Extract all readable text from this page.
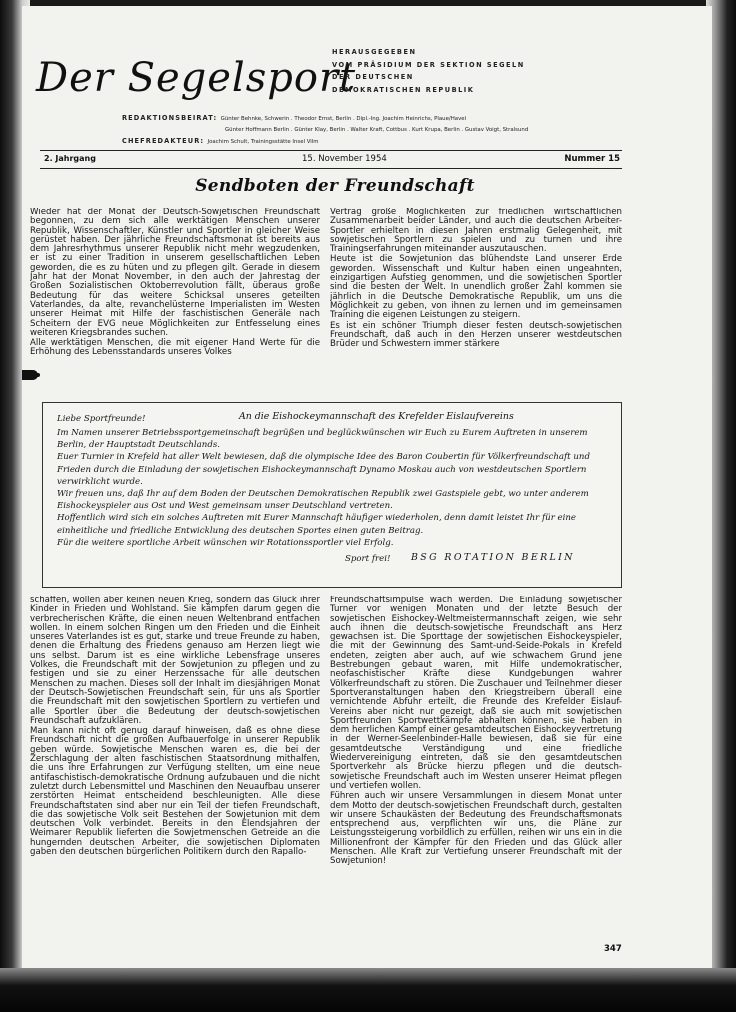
Der Segelsport
HERAUSGEGEBEN
VOM PRÄSIDIUM DER SEKTION SEGELN
DER DEUTSCHEN
DEMOKRATISCHEN REPUBLIK
REDAKTIONSBEIRAT: Günter Behnke, Schwerin . Theodor Ernst, Berlin . Dipl.-Ing. Joachim Heinrichs, Plaue/Havel
Günter Hoffmann Berlin . Günter Klay, Berlin . Walter Kraft, Cottbus . Kurt Krupa, Berlin . Gustav Voigt, Stralsund
CHEFREDAKTEUR: Joachim Schult, Trainingsstätte Insel Vilm
2. Jahrgang	15. November 1954	Nummer 15
Sendboten der Freundschaft

Wieder hat der Monat der Deutsch-Sowjetischen Freundschaft begonnen, zu dem sich alle werktätigen Menschen unserer Republik, Wissenschaftler, Künstler und Sportler in gleicher Weise gerüstet haben. Der jährliche Freundschaftsmonat ist bereits aus dem Jahresrhythmus unserer Republik nicht mehr wegzudenken, er ist zu einer Tradition in unserem gesellschaftlichen Leben geworden, die es zu hüten und zu pflegen gilt. Gerade in diesem Jahr hat der Monat November, in den auch der Jahrestag der Großen Sozialistischen Oktoberrevolution fällt, überaus große Bedeutung für das weitere Schicksal unseres geteilten Vaterlandes, da alte, revanchelüsterne Imperialisten im Westen unserer Heimat mit Hilfe der faschistischen Generäle nach Scheitern der EVG neue Möglichkeiten zur Entfesselung eines weiteren Kriegsbrandes suchen.

Alle werktätigen Menschen, die mit eigener Hand Werte für die Erhöhung des Lebensstandards unseres Volkes

Vertrag große Möglichkeiten zur friedlichen wirtschaftlichen Zusammenarbeit beider Länder, und auch die deutschen Arbeiter-Sportler erhielten in diesen Jahren erstmalig Gelegenheit, mit sowjetischen Sportlern zu spielen und zu turnen und ihre Trainingserfahrungen miteinander auszutauschen.

Heute ist die Sowjetunion das blühendste Land unserer Erde geworden. Wissenschaft und Kultur haben einen ungeahnten, einzigartigen Aufstieg genommen, und die sowjetischen Sportler sind die besten der Welt. In unendlich großer Zahl kommen sie jährlich in die Deutsche Demokratische Republik, um uns die Möglichkeit zu geben, von ihnen zu lernen und im gemeinsamen Training die eigenen Leistungen zu steigern.

Es ist ein schöner Triumph dieser festen deutsch-sowjetischen Freundschaft, daß auch in den Herzen unserer westdeutschen Brüder und Schwestern immer stärkere

Liebe Sportfreunde!	An die Eishockeymannschaft des Krefelder Eislaufvereins

Im Namen unserer Betriebssportgemeinschaft begrüßen und beglückwünschen wir Euch zu Eurem Auftreten in unserem Berlin, der Hauptstadt Deutschlands.

Euer Turnier in Krefeld hat aller Welt bewiesen, daß die olympische Idee des Baron Coubertin für Völkerfreundschaft und Frieden durch die Einladung der sowjetischen Eishockeymannschaft Dynamo Moskau auch von westdeutschen Sportlern verwirklicht wurde.

Wir freuen uns, daß Ihr auf dem Boden der Deutschen Demokratischen Republik zwei Gastspiele gebt, wo unter anderem Eishockeyspieler aus Ost und West gemeinsam unser Deutschland vertreten.

Hoffentlich wird sich ein solches Auftreten mit Eurer Mannschaft häufiger wiederholen, denn damit leistet Ihr für eine einheitliche und friedliche Entwicklung des deutschen Sportes einen guten Beitrag.

Für die weitere sportliche Arbeit wünschen wir Rotationssportler viel Erfolg.

Sport frei! BSG ROTATION BERLIN

schaffen, wollen aber keinen neuen Krieg, sondern das Glück ihrer Kinder in Frieden und Wohlstand. Sie kämpfen darum gegen die verbrecherischen Kräfte, die einen neuen Weltenbrand entfachen wollen. In einem solchen Ringen um den Frieden und die Einheit unseres Vaterlandes ist es gut, starke und treue Freunde zu haben, denen die Erhaltung des Friedens genauso am Herzen liegt wie uns selbst. Darum ist es eine wirkliche Lebensfrage unseres Volkes, die Freundschaft mit der Sowjetunion zu pflegen und zu festigen und sie zu einer Herzenssache für alle deutschen Menschen zu machen. Dieses soll der Inhalt im diesjährigen Monat der Deutsch-Sowjetischen Freundschaft sein, für uns als Sportler die Freundschaft mit den sowjetischen Sportlern zu vertiefen und alle Sportler über die Bedeutung der deutsch-sowjetischen Freundschaft aufzuklären.

Man kann nicht oft genug darauf hinweisen, daß es ohne diese Freundschaft nicht die großen Aufbauerfolge in unserer Republik geben würde. Sowjetische Menschen waren es, die bei der Zerschlagung der alten faschistischen Staatsordnung mithalfen, die uns ihre Erfahrungen zur Verfügung stellten, um eine neue antifaschistisch-demokratische Ordnung aufzubauen und die nicht zuletzt durch Lebensmittel und Maschinen den Neuaufbau unserer zerstörten Heimat entscheidend beschleunigten. Alle diese Freundschaftstaten sind aber nur ein Teil der tiefen Freundschaft, die das sowjetische Volk seit Bestehen der Sowjetunion mit dem deutschen Volk verbindet. Bereits in den Elendsjahren der Weimarer Republik lieferten die Sowjetmenschen Getreide an die hungernden deutschen Arbeiter, die sowjetischen Diplomaten gaben den deutschen bürgerlichen Politikern durch den Rapallo-

Freundschaftsimpulse wach werden. Die Einladung sowjetischer Turner vor wenigen Monaten und der letzte Besuch der sowjetischen Eishockey-Weltmeistermannschaft zeigen, wie sehr auch ihnen die deutsch-sowjetische Freundschaft ans Herz gewachsen ist. Die Sporttage der sowjetischen Eishockeyspieler, die mit der Gewinnung des Samt-und-Seide-Pokals in Krefeld endeten, zeigten aber auch, auf wie schwachem Grund jene Bestrebungen gebaut waren, mit Hilfe undemokratischer, neofaschistischer Kräfte diese Kundgebungen wahrer Völkerfreundschaft zu stören. Die Zuschauer und Teilnehmer dieser Sportveranstaltungen haben den Kriegstreibern überall eine vernichtende Abfuhr erteilt, die Freunde des Krefelder Eislauf-Vereins aber nicht nur gezeigt, daß sie auch mit sowjetischen Sportfreunden Sportwettkämpfe abhalten können, sie haben in dem herrlichen Kampf einer gesamtdeutschen Eishockeyvertretung in der Werner-Seelenbinder-Halle bewiesen, daß sie für eine gesamtdeutsche Verständigung und eine friedliche Wiedervereinigung eintreten, daß sie den gesamtdeutschen Sportverkehr als Brücke hierzu pflegen und die deutsch-sowjetische Freundschaft auch im Westen unserer Heimat pflegen und vertiefen wollen.

Führen auch wir unsere Versammlungen in diesem Monat unter dem Motto der deutsch-sowjetischen Freundschaft durch, gestalten wir unsere Schaukästen der Bedeutung des Freundschaftsmonats entsprechend aus, verpflichten wir uns, die Pläne zur Leistungssteigerung vorbildlich zu erfüllen, reihen wir uns ein in die Millionenfront der Kämpfer für den Frieden und das Glück aller Menschen. Alle Kraft zur Vertiefung unserer Freundschaft mit der Sowjetunion!

347
